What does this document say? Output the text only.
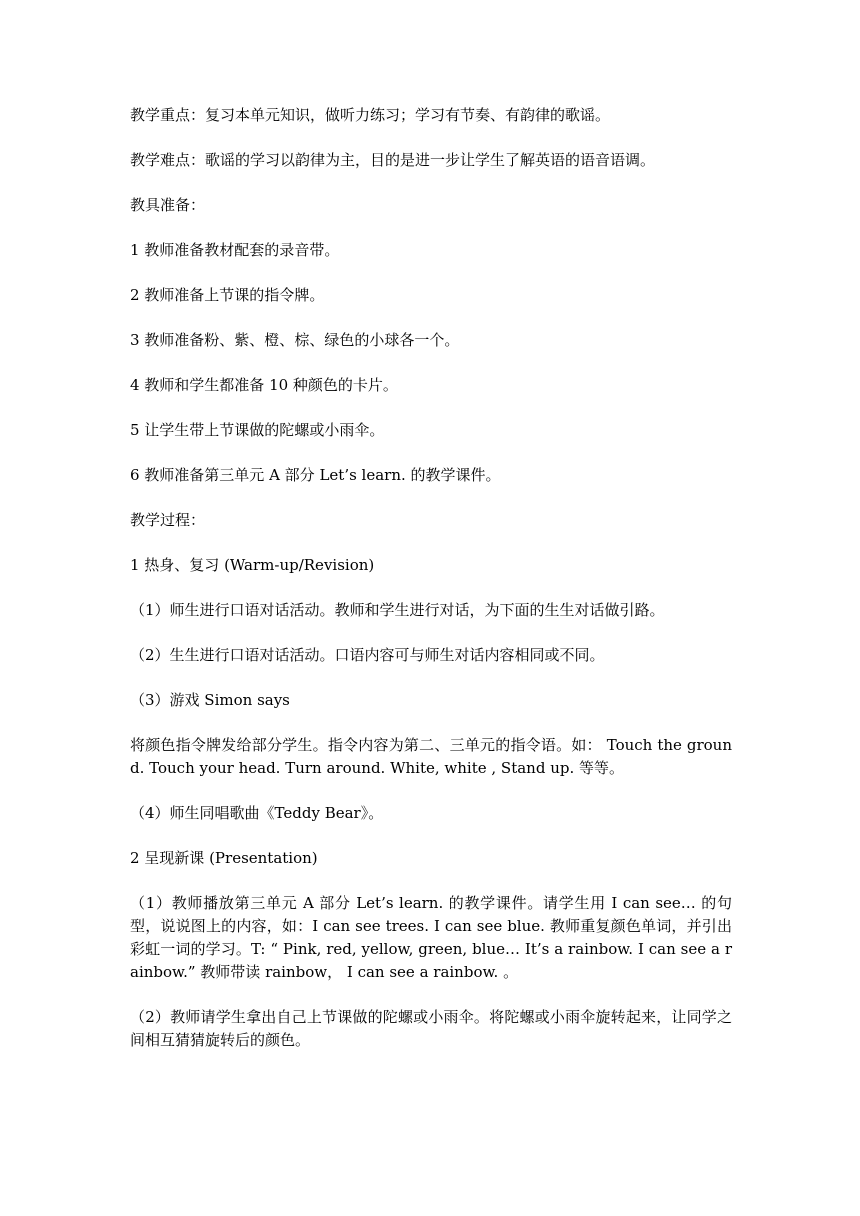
教学重点：复习本单元知识，做听力练习；学习有节奏、有韵律的歌谣。

教学难点：歌谣的学习以韵律为主，目的是进一步让学生了解英语的语音语调。

教具准备：

1 教师准备教材配套的录音带。

2 教师准备上节课的指令牌。

3 教师准备粉、紫、橙、棕、绿色的小球各一个。

4 教师和学生都准备 10 种颜色的卡片。

5 让学生带上节课做的陀螺或小雨伞。

6 教师准备第三单元 A 部分 Let’s learn. 的教学课件。

教学过程：

1 热身、复习 (Warm-up/Revision)

（1）师生进行口语对话活动。教师和学生进行对话，为下面的生生对话做引路。

（2）生生进行口语对话活动。口语内容可与师生对话内容相同或不同。

（3）游戏 Simon says

将颜色指令牌发给部分学生。指令内容为第二、三单元的指令语。如： Touch the ground. Touch your head. Turn around. White, white , Stand up. 等等。

（4）师生同唱歌曲《Teddy Bear》。

2 呈现新课 (Presentation)

（1）教师播放第三单元 A 部分 Let’s learn. 的教学课件。请学生用 I can see… 的句型，说说图上的内容，如：I can see trees. I can see blue. 教师重复颜色单词，并引出彩虹一词的学习。T: “ Pink, red, yellow, green, blue… It’s a rainbow. I can see a rainbow.” 教师带读 rainbow， I can see a rainbow. 。

（2）教师请学生拿出自己上节课做的陀螺或小雨伞。将陀螺或小雨伞旋转起来，让同学之间相互猜猜旋转后的颜色。
